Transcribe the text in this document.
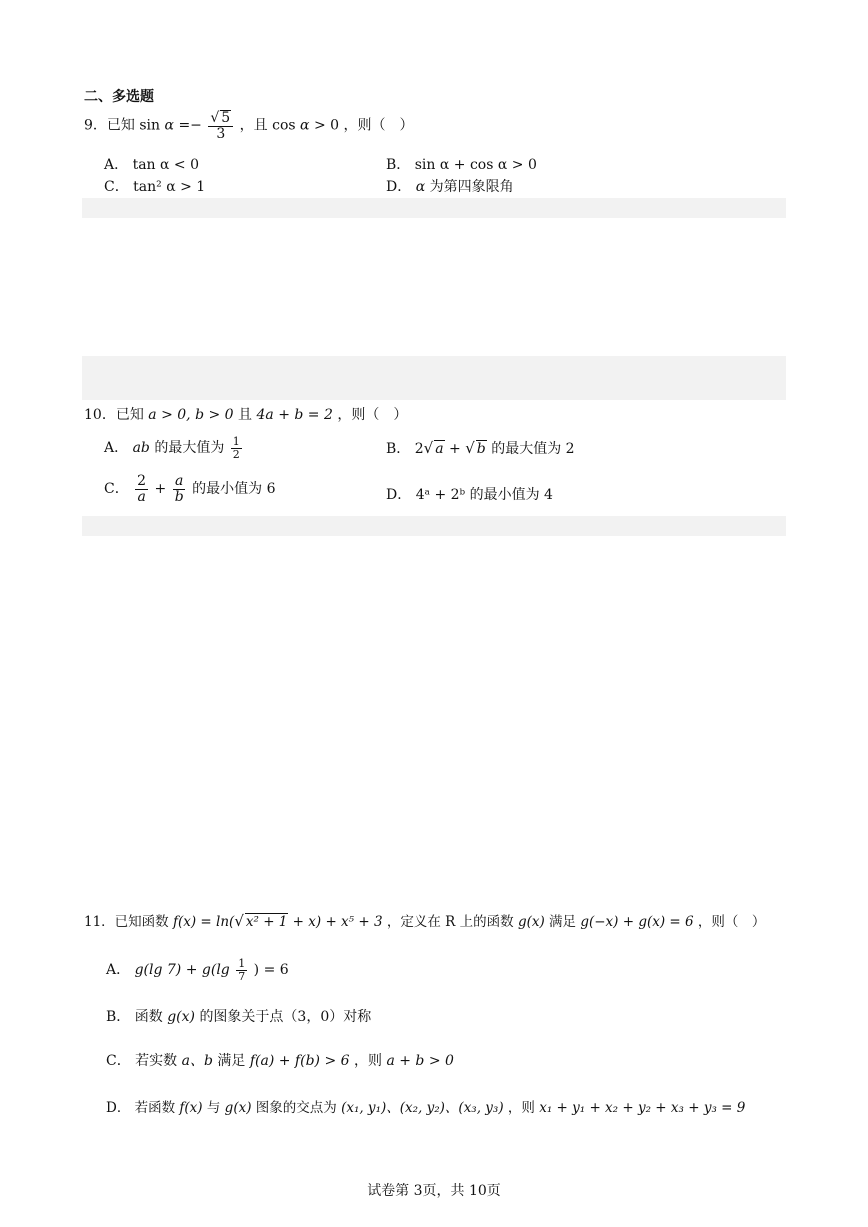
二、多选题
9．已知 $\sin \alpha =- \frac{√ 5}{3}$ ，且 cos α > 0 ，则（　）
A． tan α < 0	B． sin α + cos α > 0
C． tan² α > 1	D． α 为第四象限角
10．已知 a > 0, b > 0 且 4a + b = 2 ，则（　）
A． ab 的最大值为 $\frac{1}{2}$	B． 2√ a + √ b 的最大值为 2
C． $\frac{2}{a} + \frac{a}{b}$ 的最小值为 6	D． 4ᵃ + 2ᵇ 的最小值为 4
11．已知函数 f(x) = ln(√ x² + 1 + x) + x⁵ + 3 ，定义在 R 上的函数 g(x) 满足 g(−x) + g(x) = 6 ，则（　）
A． g(lg $7) + g(\lg \frac{1}{7}$ ) = 6
B． 函数 g(x) 的图象关于点（3，0）对称
C． 若实数 a、b 满足 f(a) + f(b) > 6 ，则 a + b > 0
D． 若函数 f(x) 与 g(x) 图象的交点为 (x₁, y₁)、(x₂, y₂)、(x₃, y₃) ，则 x₁ + y₁ + x₂ + y₂ + x₃ + y₃ = 9
试卷第 3页，共 10页
